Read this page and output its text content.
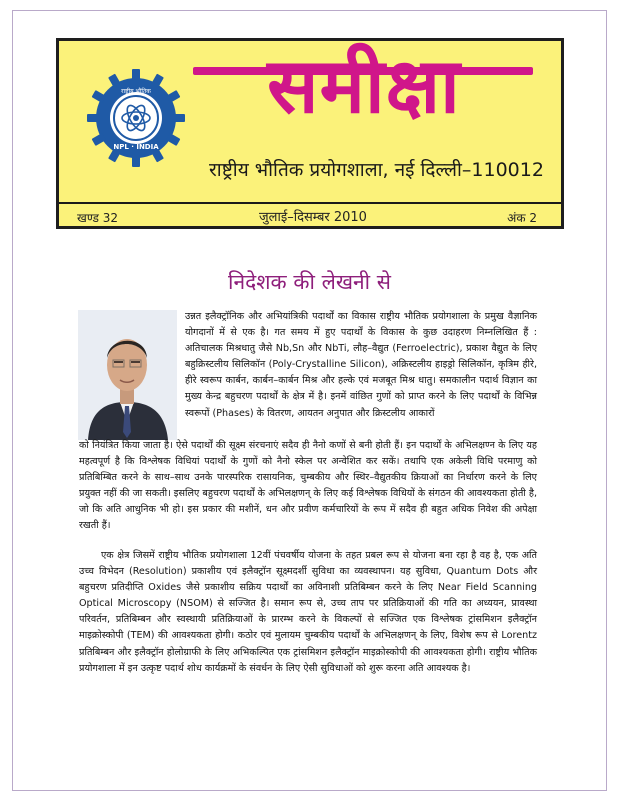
NPL · INDIA
राष्ट्रीय भौतिक	समीक्षा
राष्ट्रीय भौतिक प्रयोगशाला, नई दिल्ली–110012
खण्ड 32	जुलाई–दिसम्बर 2010	अंक 2
निदेशक की लेखनी से
उन्नत इलैक्ट्रॉनिक और अभियांत्रिकी पदार्थों का विकास राष्ट्रीय भौतिक प्रयोगशाला के प्रमुख वैज्ञानिक योगदानों में से एक है। गत समय में हुए पदार्थों के विकास के कुछ उदाहरण निम्नलिखित हैं : अतिचालक मिश्रधातु जैसे Nb,Sn और NbTi, लौह–वैद्युत (Ferroelectric), प्रकाश वैद्युत के लिए बहुक्रिस्टलीय सिलिकॉन (Poly-Crystalline Silicon), अक्रिस्टलीय हाइड्रो सिलिकॉन, कृत्रिम हीरे, हीरे स्वरूप कार्बन, कार्बन–कार्बन मिश्र और हल्के एवं मजबूत मिश्र धातु। समकालीन पदार्थ विज्ञान का मुख्य केन्द्र बहुचरण पदार्थों के क्षेत्र में है। इनमें वांछित गुणों को प्राप्त करने के लिए पदार्थों के विभिन्न स्वरूपों (Phases) के वितरण, आयतन अनुपात और क्रिस्टलीय आकारों
को नियंत्रित किया जाता है। ऐसे पदार्थों की सूक्ष्म संरचनाएं सदैव ही नैनो कणों से बनी होती हैं। इन पदार्थों के अभिलक्षण्न के लिए यह महत्वपूर्ण है कि विश्लेषक विधियां पदार्थों के गुणों को नैनो स्केल पर अन्वेशित कर सकें। तथापि एक अकेली विधि परमाणु को प्रतिबिम्बित करने के साथ–साथ उनके पारस्परिक रासायनिक, चुम्बकीय और स्थिर–वैद्युतकीय क्रियाओं का निर्धारण करने के लिए प्रयुक्त नहीं की जा सकती। इसलिए बहुचरण पदार्थों के अभिलक्षणन् के लिए कई विश्लेषक विधियों के संगठन की आवश्यकता होती है, जो कि अति आधुनिक भी हो। इस प्रकार की मशीनें, धन और प्रवीण कर्मचारियों के रूप में सदैव ही बहुत अधिक निवेश की अपेक्षा रखती हैं।

एक क्षेत्र जिसमें राष्ट्रीय भौतिक प्रयोगशाला 12वीं पंचवर्षीय योजना के तहत प्रबल रूप से योजना बना रहा है वह है, एक अति उच्च विभेदन (Resolution) प्रकाशीय एवं इलैक्ट्रॉन सूक्ष्मदर्शी सुविधा का व्यवस्थापन। यह सुविधा, Quantum Dots और बहुचरण प्रतिदीप्ति Oxides जैसे प्रकाशीय सक्रिय पदार्थों का अविनाशी प्रतिबिम्बन करने के लिए Near Field Scanning Optical Microscopy (NSOM) से सज्जित है। समान रूप से, उच्च ताप पर प्रतिक्रियाओं की गति का अध्ययन, प्रावस्था परिवर्तन, प्रतिबिम्बन और स्वस्थायी प्रतिक्रियाओं के प्रारम्भ करने के विकल्पों से सज्जित एक विश्लेषक ट्रांसमिशन इलैक्ट्रॉन माइक्रोस्कोपी (TEM) की आवश्यकता होगी। कठोर एवं मुलायम चुम्बकीय पदार्थों के अभिलक्षणन् के लिए, विशेष रूप से Lorentz प्रतिबिम्बन और इलैक्ट्रॉन होलोग्राफी के लिए अभिकल्पित एक ट्रांसमिशन इलैक्ट्रॉन माइक्रोस्कोपी की आवश्यकता होगी। राष्ट्रीय भौतिक प्रयोगशाला में इन उत्कृष्ट पदार्थ शोध कार्यक्रमों के संवर्धन के लिए ऐसी सुविधाओं को शुरू करना अति आवश्यक है।
